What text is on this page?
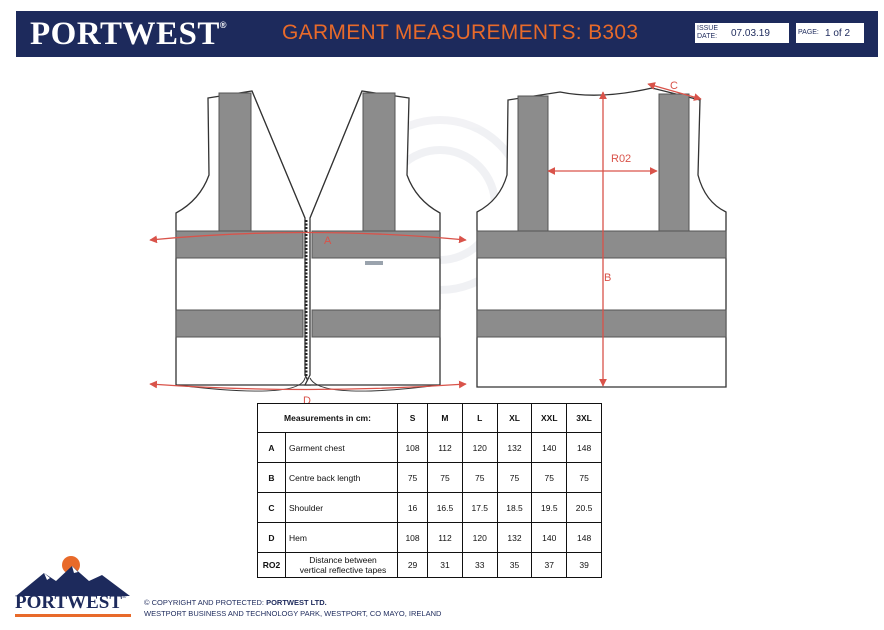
PORTWEST®	GARMENT MEASUREMENTS: B303	ISSUE
DATE: 07.03.19	PAGE: 1 of 2
A
D
B
R02
C
Measurements in cm:		S	M	L	XL	XXL	3XL
A	Garment chest	108	112	120	132	140	148
B	Centre back length	75	75	75	75	75	75
C	Shoulder	16	16.5	17.5	18.5	19.5	20.5
D	Hem	108	112	120	132	140	148
RO2	Distance between
vertical reflective tapes	29	31	33	35	37	39
PORTWEST®
© COPYRIGHT AND PROTECTED: PORTWEST LTD.
WESTPORT BUSINESS AND TECHNOLOGY PARK, WESTPORT, CO MAYO, IRELAND
